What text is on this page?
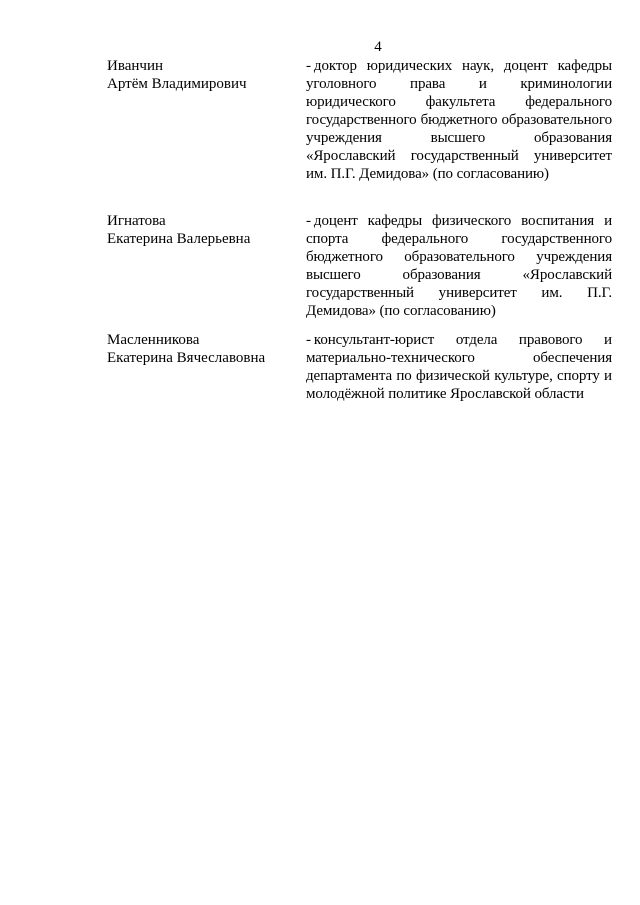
4
Иванчин
Артём Владимирович
- доктор юридических наук, доцент кафедры уголовного права и криминологии юридического факультета федерального государственного бюджетного образовательного учреждения высшего образования «Ярославский государственный университет им. П.Г. Демидова» (по согласованию)
Игнатова
Екатерина Валерьевна
- доцент кафедры физического воспитания и спорта федерального государственного бюджетного образовательного учреждения высшего образования «Ярославский государственный университет им. П.Г. Демидова» (по согласованию)
Масленникова
Екатерина Вячеславовна
- консультант-юрист отдела правового и материально-технического обеспечения департамента по физической культуре, спорту и молодёжной политике Ярославской области
